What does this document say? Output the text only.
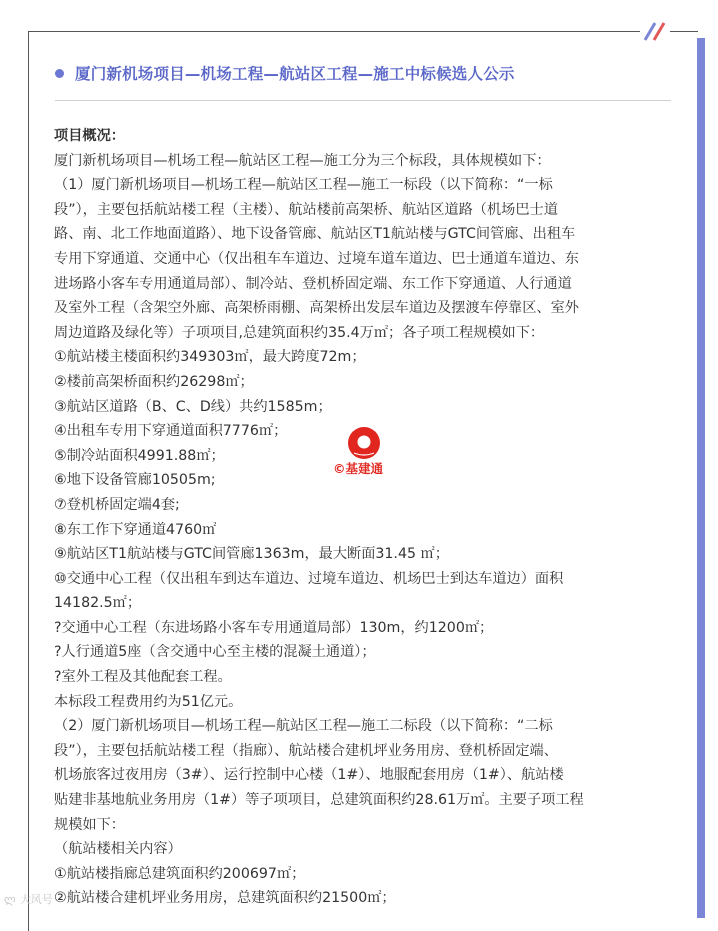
厦门新机场项目—机场工程—航站区工程—施工中标候选人公示

项目概况：

厦门新机场项目—机场工程—航站区工程—施工分为三个标段，具体规模如下：

（1）厦门新机场项目—机场工程—航站区工程—施工一标段（以下简称：“一标

段”），主要包括航站楼工程（主楼）、航站楼前高架桥、航站区道路（机场巴士道

路、南、北工作地面道路）、地下设备管廊、航站区T1航站楼与GTC间管廊、出租车

专用下穿通道、交通中心（仅出租车车道边、过境车道车道边、巴士通道车道边、东

进场路小客车专用通道局部）、制冷站、登机桥固定端、东工作下穿通道、人行通道

及室外工程（含架空外廊、高架桥雨棚、高架桥出发层车道边及摆渡车停靠区、室外

周边道路及绿化等）子项项目,总建筑面积约35.4万㎡；各子项工程规模如下：

①航站楼主楼面积约349303㎡，最大跨度72m；

②楼前高架桥面积约26298㎡；

③航站区道路（B、C、D线）共约1585m；

④出租车专用下穿通道面积7776㎡；

⑤制冷站面积4991.88㎡；

⑥地下设备管廊10505m;

⑦登机桥固定端4套;

⑧东工作下穿通道4760㎡

⑨航站区T1航站楼与GTC间管廊1363m，最大断面31.45 ㎡；

⑩交通中心工程（仅出租车到达车道边、过境车道边、机场巴士到达车道边）面积

14182.5㎡；

?交通中心工程（东进场路小客车专用通道局部）130m，约1200㎡；

?人行通道5座（含交通中心至主楼的混凝土通道）；

?室外工程及其他配套工程。

本标段工程费用约为51亿元。

（2）厦门新机场项目—机场工程—航站区工程—施工二标段（以下简称：“二标

段”），主要包括航站楼工程（指廊）、航站楼合建机坪业务用房、登机桥固定端、

机场旅客过夜用房（3#）、运行控制中心楼（1#）、地服配套用房（1#）、航站楼

贴建非基地航业务用房（1#）等子项项目，总建筑面积约28.61万㎡。主要子项工程

规模如下：

（航站楼相关内容）

①航站楼指廊总建筑面积约200697㎡；

②航站楼合建机坪业务用房，总建筑面积约21500㎡；

©基建通
ლ 大风号
